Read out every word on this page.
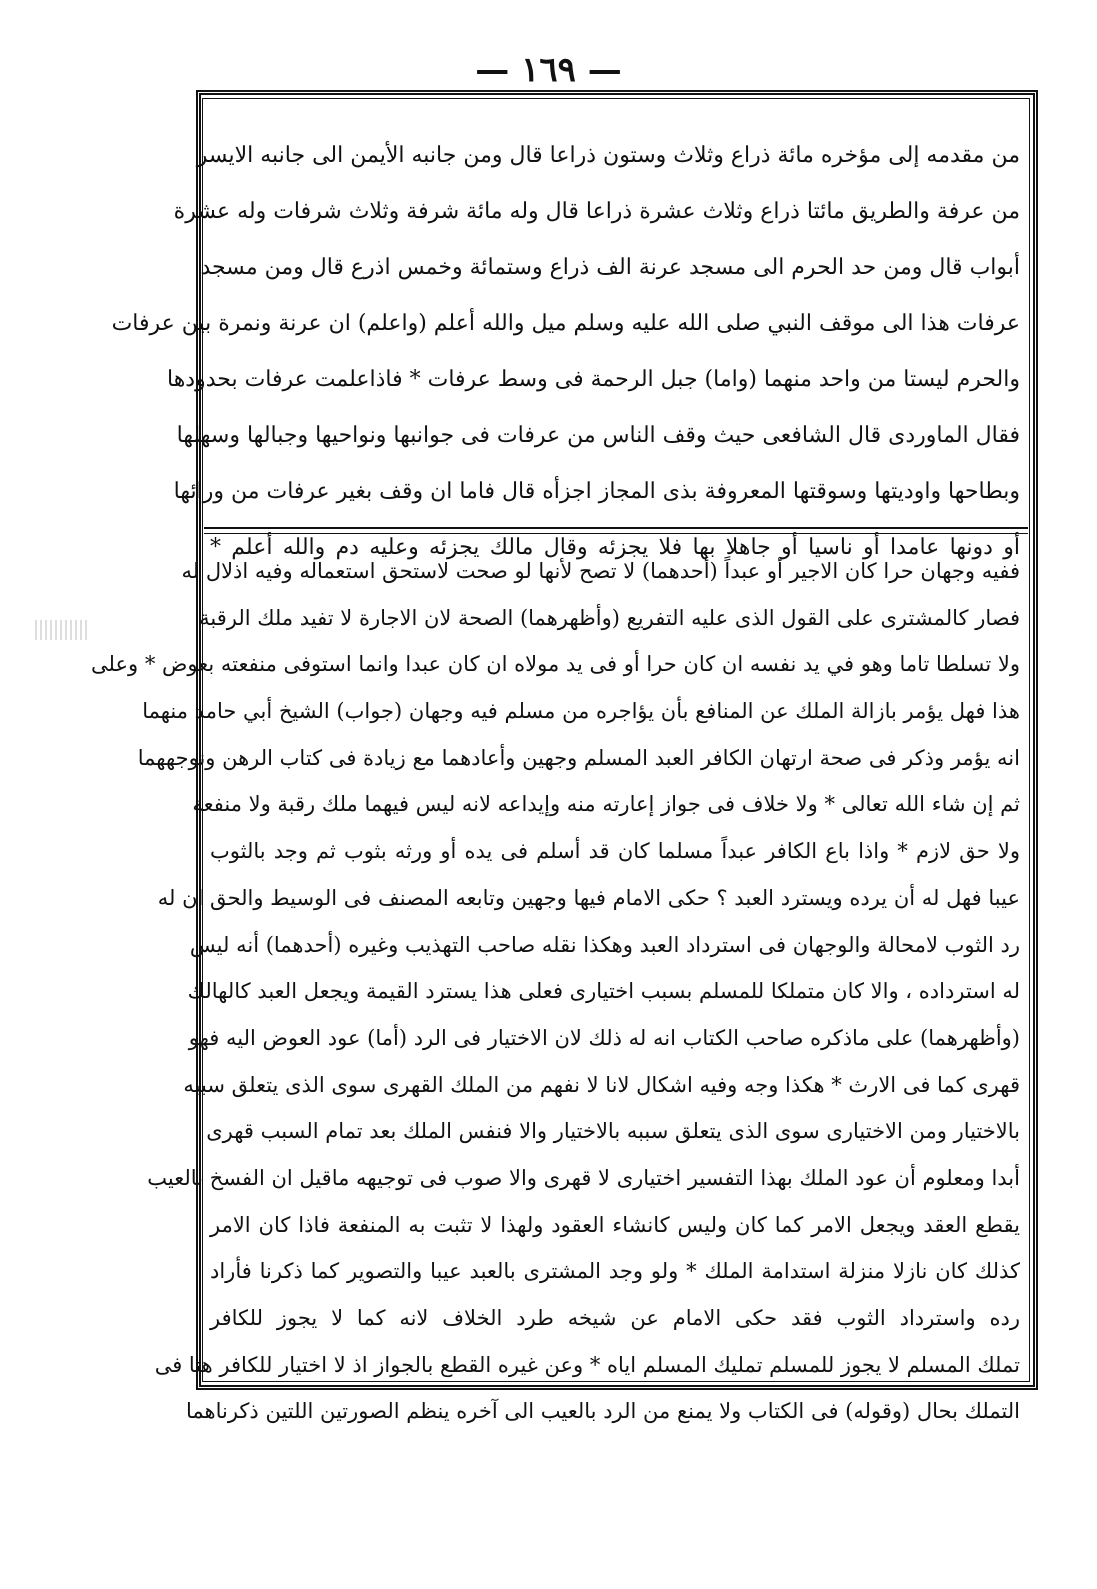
— ١٦٩ —
من مقدمه إلى مؤخره مائة ذراع وثلاث وستون ذراعا قال ومن جانبه الأيمن الى جانبه الايسر
من عرفة والطريق مائتا ذراع وثلاث عشرة ذراعا قال وله مائة شرفة وثلاث شرفات وله عشرة
أبواب قال ومن حد الحرم الى مسجد عرنة الف ذراع وستمائة وخمس اذرع قال ومن مسجد
عرفات هذا الى موقف النبي صلى الله عليه وسلم ميل والله أعلم (واعلم) ان عرنة ونمرة بين عرفات
والحرم ليستا من واحد منهما (واما) جبل الرحمة فى وسط عرفات * فاذاعلمت عرفات بحدودها
فقال الماوردى قال الشافعى حيث وقف الناس من عرفات فى جوانبها ونواحيها وجبالها وسهلها
وبطاحها واوديتها وسوقتها المعروفة بذى المجاز اجزأه قال فاما ان وقف بغير عرفات من ورائها
أو دونها عامدا أو ناسيا أو جاهلا بها فلا يجزئه وقال مالك يجزئه وعليه دم والله أعلم *
ففيه وجهان حرا كان الاجير أو عبداً (أحدهما) لا تصح لأنها لو صحت لاستحق استعماله وفيه اذلال له
فصار كالمشترى على القول الذى عليه التفريع (وأظهرهما) الصحة لان الاجارة لا تفيد ملك الرقبة
ولا تسلطا تاما وهو في يد نفسه ان كان حرا أو فى يد مولاه ان كان عبدا وانما استوفى منفعته بعوض * وعلى
هذا فهل يؤمر بازالة الملك عن المنافع بأن يؤاجره من مسلم فيه وجهان (جواب) الشيخ أبي حامد منهما
انه يؤمر وذكر فى صحة ارتهان الكافر العبد المسلم وجهين وأعادهما مع زيادة فى كتاب الرهن ونوجههما
ثم إن شاء الله تعالى * ولا خلاف فى جواز إعارته منه وإيداعه لانه ليس فيهما ملك رقبة ولا منفعة
ولا حق لازم * واذا باع الكافر عبداً مسلما كان قد أسلم فى يده أو ورثه بثوب ثم وجد بالثوب
عيبا فهل له أن يرده ويسترد العبد ؟ حكى الامام فيها وجهين وتابعه المصنف فى الوسيط والحق ان له
رد الثوب لامحالة والوجهان فى استرداد العبد وهكذا نقله صاحب التهذيب وغيره (أحدهما) أنه ليس
له استرداده ، والا كان متملكا للمسلم بسبب اختيارى فعلى هذا يسترد القيمة ويجعل العبد كالهالك
(وأظهرهما) على ماذكره صاحب الكتاب انه له ذلك لان الاختيار فى الرد (أما) عود العوض اليه فهو
قهرى كما فى الارث * هكذا وجه وفيه اشكال لانا لا نفهم من الملك القهرى سوى الذى يتعلق سببه
بالاختيار ومن الاختيارى سوى الذى يتعلق سببه بالاختيار والا فنفس الملك بعد تمام السبب قهرى
أبدا ومعلوم أن عود الملك بهذا التفسير اختيارى لا قهرى والا صوب فى توجيهه ماقيل ان الفسخ بالعيب
يقطع العقد ويجعل الامر كما كان وليس كانشاء العقود ولهذا لا تثبت به المنفعة فاذا كان الامر
كذلك كان نازلا منزلة استدامة الملك * ولو وجد المشترى بالعبد عيبا والتصوير كما ذكرنا فأراد
رده واسترداد الثوب فقد حكى الامام عن شيخه طرد الخلاف لانه كما لا يجوز للكافر
تملك المسلم لا يجوز للمسلم تمليك المسلم اياه * وعن غيره القطع بالجواز اذ لا اختيار للكافر هنا فى
التملك بحال (وقوله) فى الكتاب ولا يمنع من الرد بالعيب الى آخره ينظم الصورتين اللتين ذكرناهما
